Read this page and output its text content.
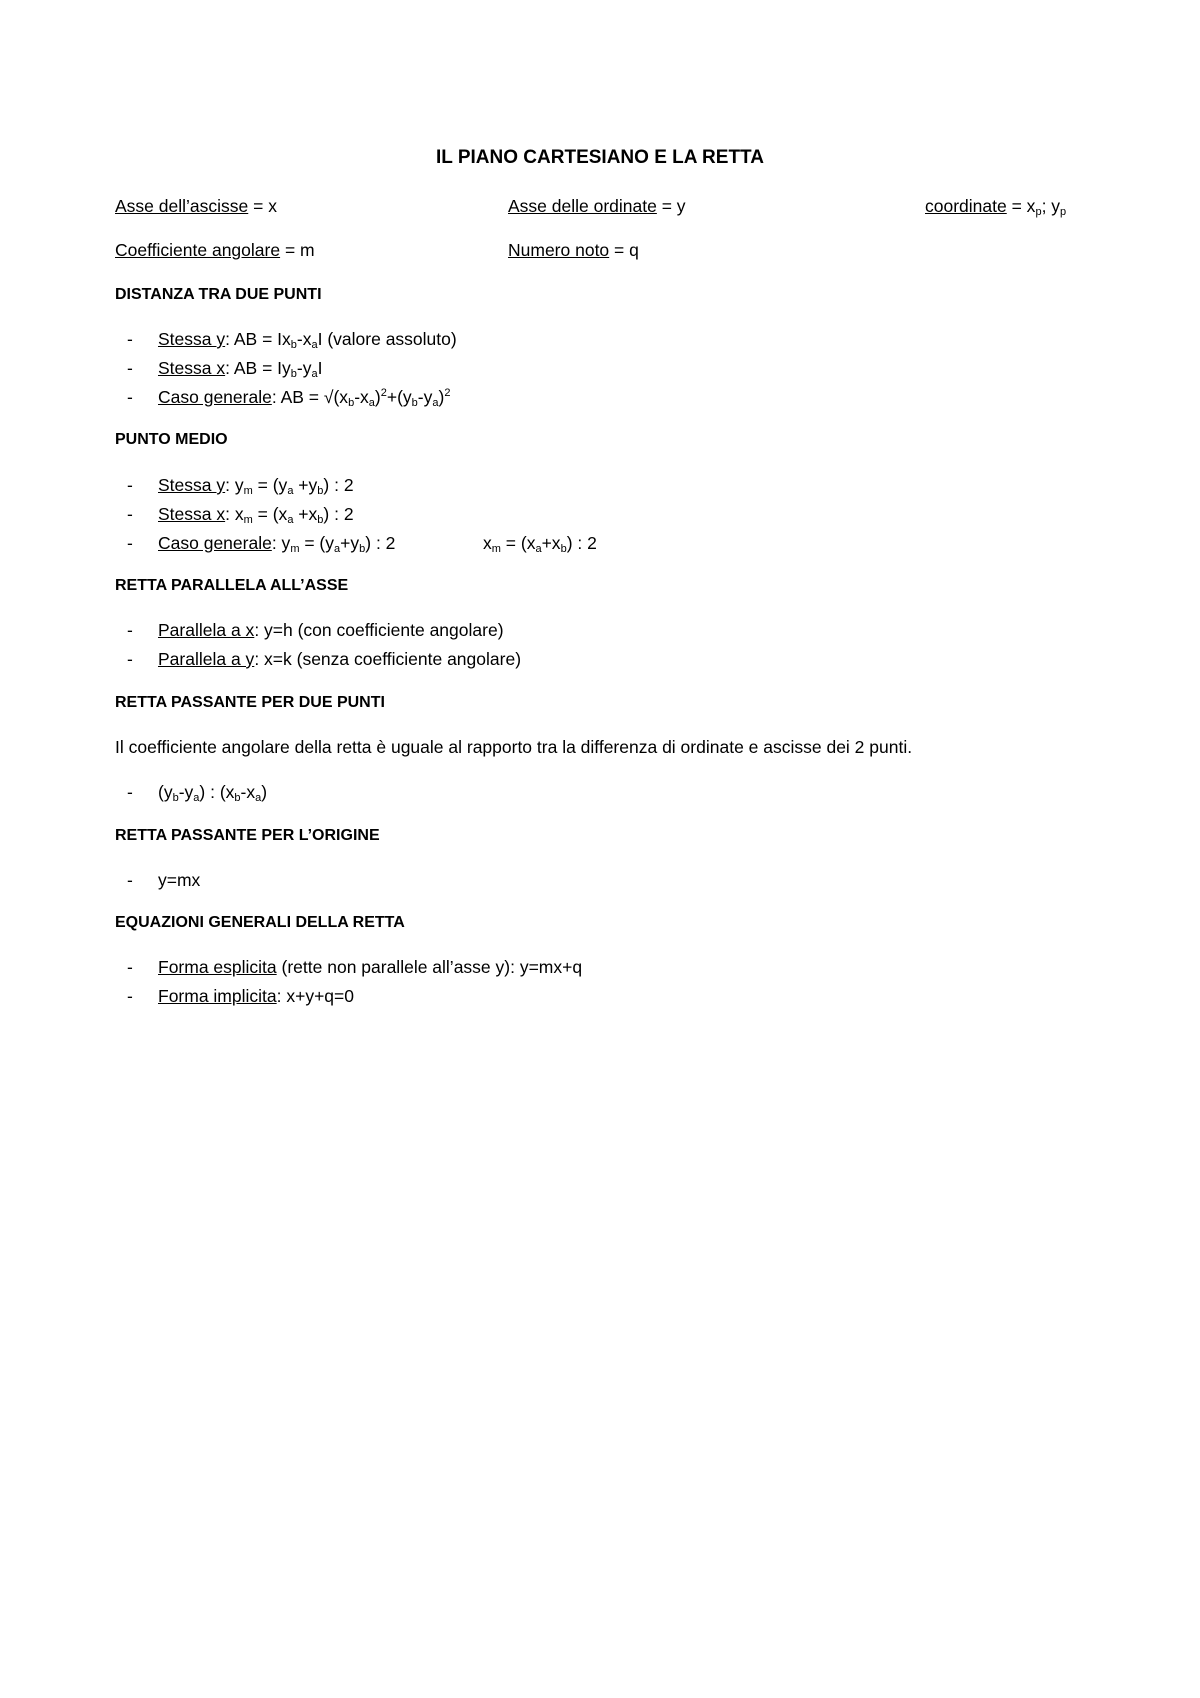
IL PIANO CARTESIANO E LA RETTA
Asse dell’ascisse = x	Asse delle ordinate = y	coordinate = $x_p$; $y_p$
Coefficiente angolare = m	Numero noto = q
DISTANZA TRA DUE PUNTI
- Stessa y: AB = $Ix_b-x_aI$ (valore assoluto)
- Stessa x: AB = $Iy_b-y_aI$
- Caso generale: AB = $√(x_b-x_a)^2+(y_b-y_a)^2$
PUNTO MEDIO
- Stessa y: $y_m = (y_a +y_b)$ : 2
- Stessa x: $x_m = (x_a +x_b)$ : 2
- Caso generale: $y_m = (y_a+y_b)$ : 2	$x_m = (x_a+x_b)$ : 2
RETTA PARALLELA ALL’ASSE
- Parallela a x: y=h (con coefficiente angolare)
- Parallela a y: x=k (senza coefficiente angolare)
RETTA PASSANTE PER DUE PUNTI
Il coefficiente angolare della retta è uguale al rapporto tra la differenza di ordinate e ascisse dei 2 punti.
- $(y_b-y_a)$ : $(x_b-x_a)$
RETTA PASSANTE PER L’ORIGINE
- y=mx
EQUAZIONI GENERALI DELLA RETTA
- Forma esplicita (rette non parallele all’asse y): y=mx+q
- Forma implicita: x+y+q=0
